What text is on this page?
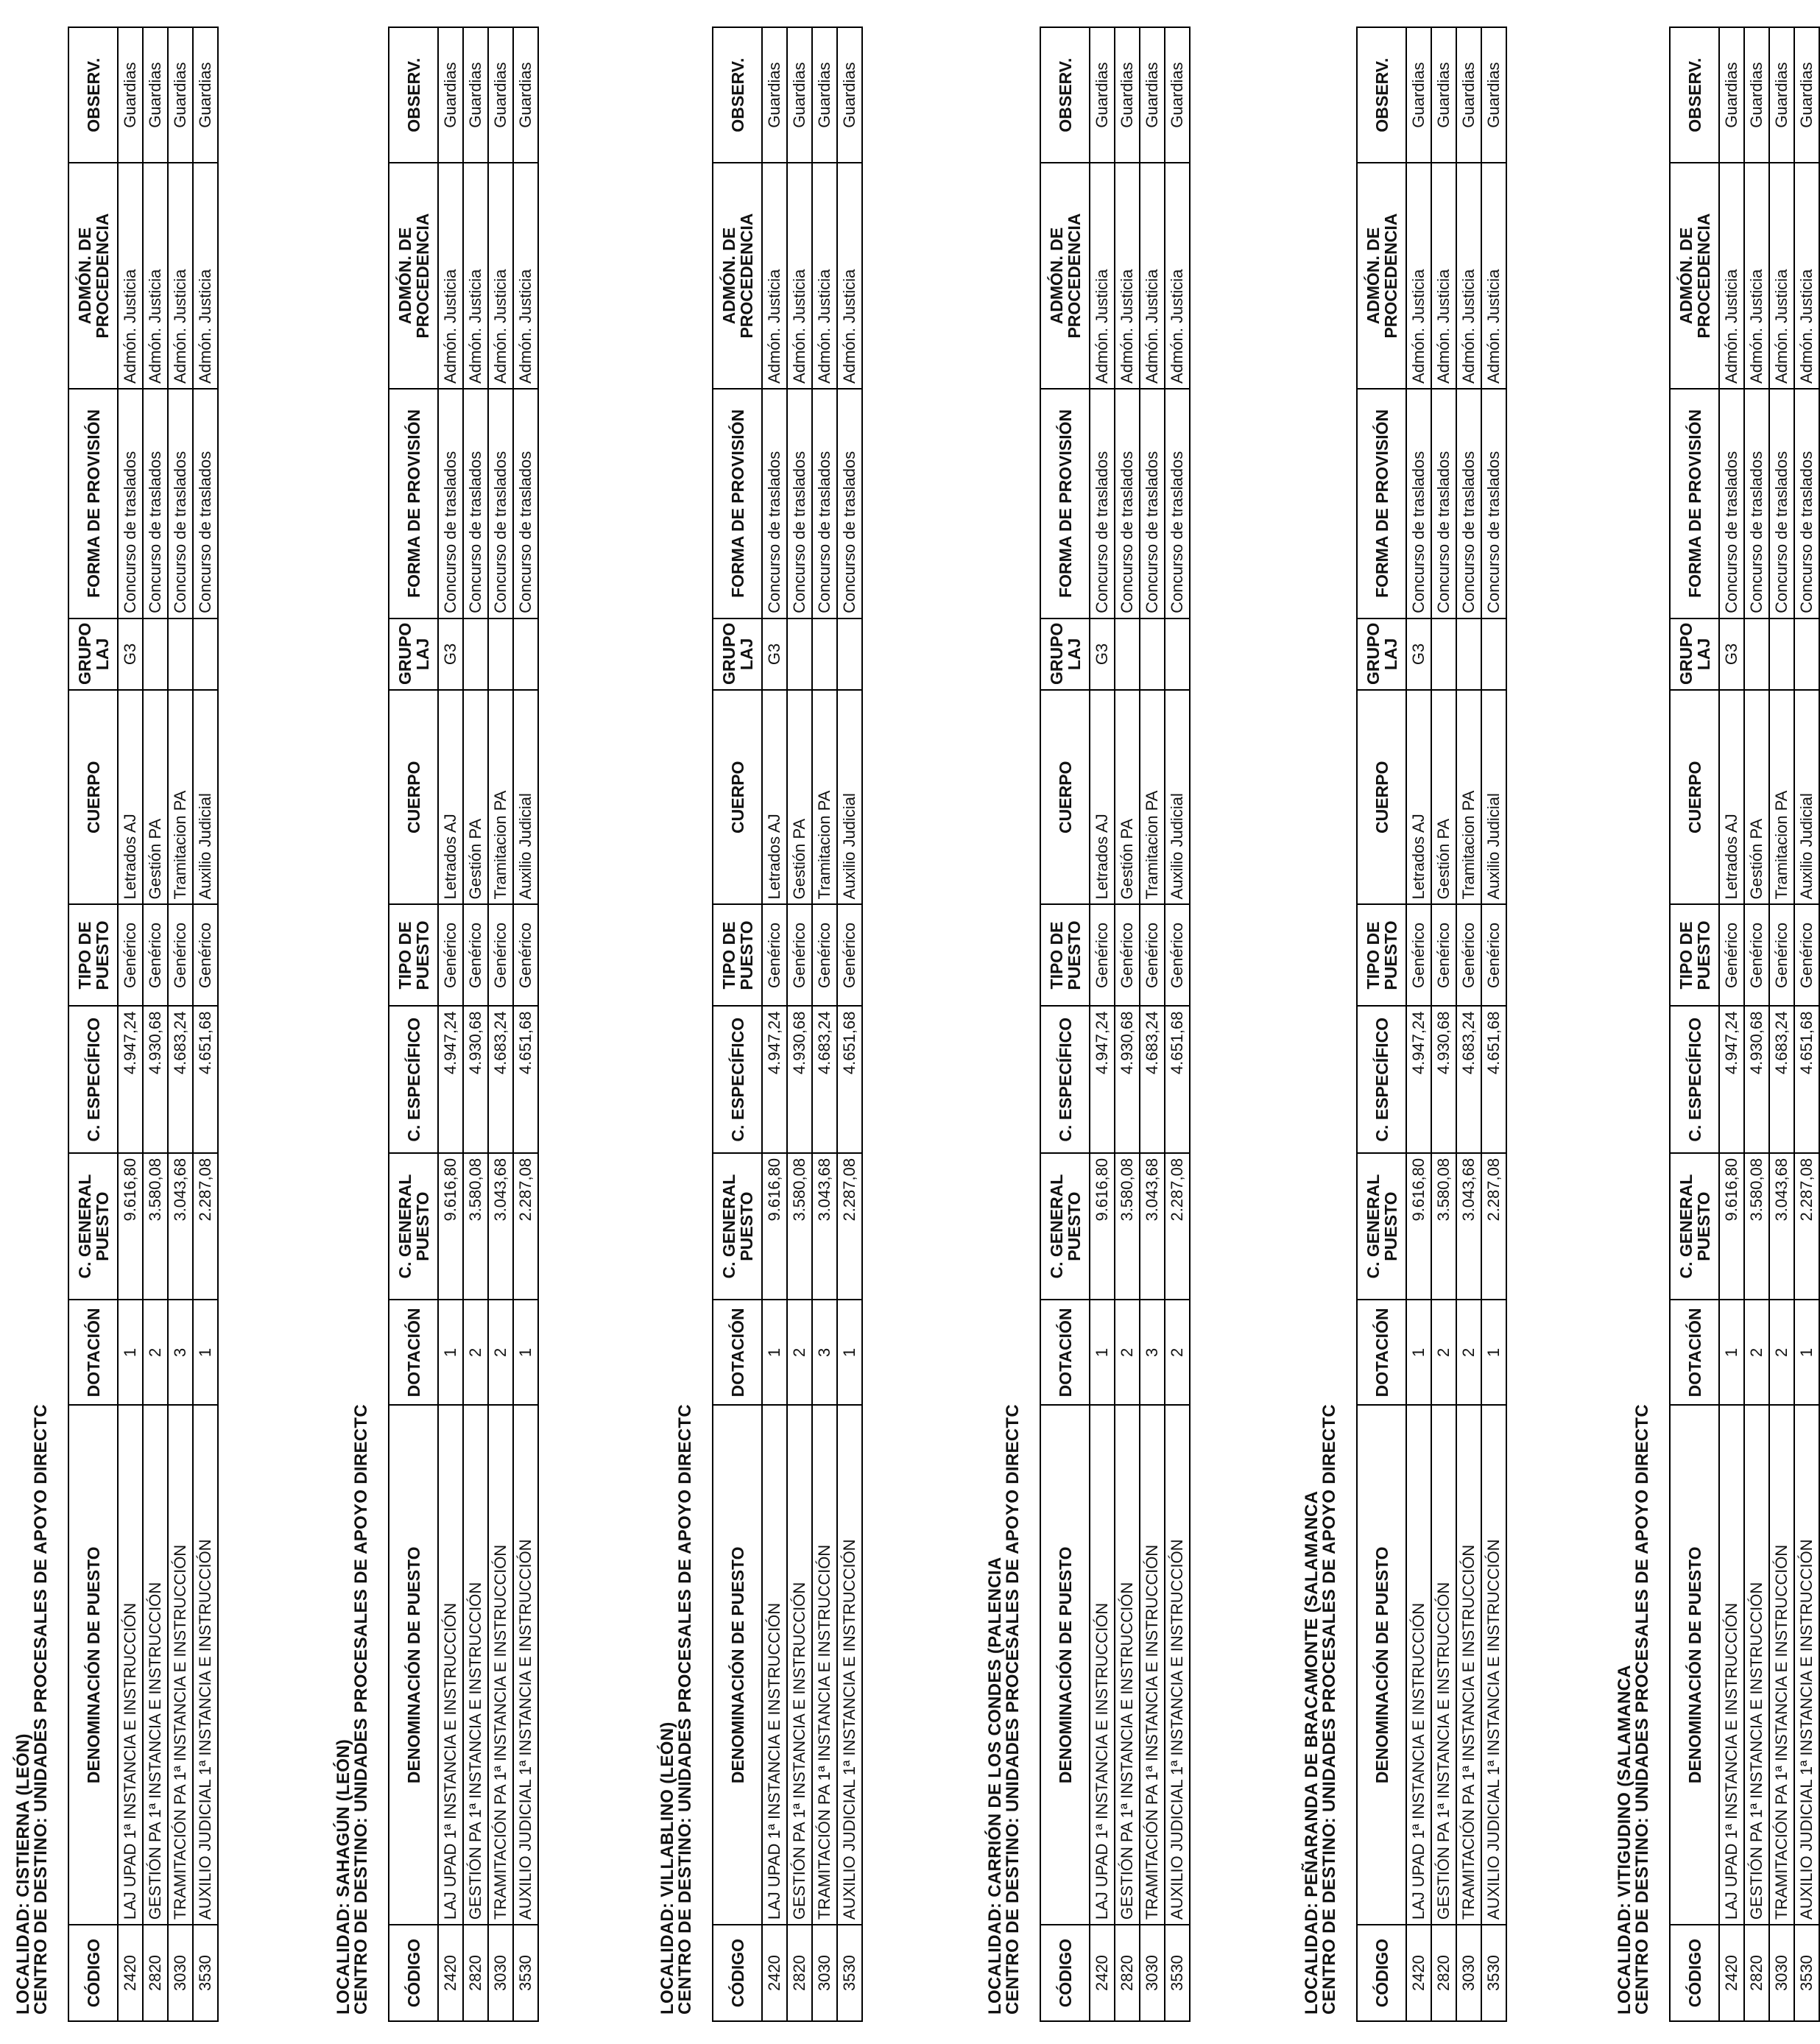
LOCALIDAD: CISTIERNA (LEÓN)
CENTRO DE DESTINO: UNIDADES PROCESALES DE APOYO DIRECTC CÓDIGO	DENOMINACIÓN DE PUESTO	DOTACIÓN	C. GENERAL PUESTO	C. ESPECÍFICO	TIPO DE PUESTO	CUERPO	GRUPO LAJ	FORMA DE PROVISIÓN	ADMÓN. DE PROCEDENCIA	OBSERV.
2420	LAJ UPAD 1ª INSTANCIA E INSTRUCCIÓN	1	9.616,80	4.947,24	Genérico	Letrados AJ	G3	Concurso de traslados	Admón. Justicia	Guardias
2820	GESTIÓN PA 1ª INSTANCIA E INSTRUCCIÓN	2	3.580,08	4.930,68	Genérico	Gestión PA		Concurso de traslados	Admón. Justicia	Guardias
3030	TRAMITACIÓN PA 1ª INSTANCIA E INSTRUCCIÓN	3	3.043,68	4.683,24	Genérico	Tramitacion PA		Concurso de traslados	Admón. Justicia	Guardias
3530	AUXILIO JUDICIAL 1ª INSTANCIA E INSTRUCCIÓN	1	2.287,08	4.651,68	Genérico	Auxilio Judicial		Concurso de traslados	Admón. Justicia	Guardias
LOCALIDAD: SAHAGÚN (LEÓN)
CENTRO DE DESTINO: UNIDADES PROCESALES DE APOYO DIRECTC CÓDIGO	DENOMINACIÓN DE PUESTO	DOTACIÓN	C. GENERAL PUESTO	C. ESPECÍFICO	TIPO DE PUESTO	CUERPO	GRUPO LAJ	FORMA DE PROVISIÓN	ADMÓN. DE PROCEDENCIA	OBSERV.
2420	LAJ UPAD 1ª INSTANCIA E INSTRUCCIÓN	1	9.616,80	4.947,24	Genérico	Letrados AJ	G3	Concurso de traslados	Admón. Justicia	Guardias
2820	GESTIÓN PA 1ª INSTANCIA E INSTRUCCIÓN	2	3.580,08	4.930,68	Genérico	Gestión PA		Concurso de traslados	Admón. Justicia	Guardias
3030	TRAMITACIÓN PA 1ª INSTANCIA E INSTRUCCIÓN	2	3.043,68	4.683,24	Genérico	Tramitacion PA		Concurso de traslados	Admón. Justicia	Guardias
3530	AUXILIO JUDICIAL 1ª INSTANCIA E INSTRUCCIÓN	1	2.287,08	4.651,68	Genérico	Auxilio Judicial		Concurso de traslados	Admón. Justicia	Guardias
LOCALIDAD: VILLABLINO (LEÓN)
CENTRO DE DESTINO: UNIDADES PROCESALES DE APOYO DIRECTC CÓDIGO	DENOMINACIÓN DE PUESTO	DOTACIÓN	C. GENERAL PUESTO	C. ESPECÍFICO	TIPO DE PUESTO	CUERPO	GRUPO LAJ	FORMA DE PROVISIÓN	ADMÓN. DE PROCEDENCIA	OBSERV.
2420	LAJ UPAD 1ª INSTANCIA E INSTRUCCIÓN	1	9.616,80	4.947,24	Genérico	Letrados AJ	G3	Concurso de traslados	Admón. Justicia	Guardias
2820	GESTIÓN PA 1ª INSTANCIA E INSTRUCCIÓN	2	3.580,08	4.930,68	Genérico	Gestión PA		Concurso de traslados	Admón. Justicia	Guardias
3030	TRAMITACIÓN PA 1ª INSTANCIA E INSTRUCCIÓN	3	3.043,68	4.683,24	Genérico	Tramitacion PA		Concurso de traslados	Admón. Justicia	Guardias
3530	AUXILIO JUDICIAL 1ª INSTANCIA E INSTRUCCIÓN	1	2.287,08	4.651,68	Genérico	Auxilio Judicial		Concurso de traslados	Admón. Justicia	Guardias
LOCALIDAD: CARRIÓN DE LOS CONDES (PALENCIA
CENTRO DE DESTINO: UNIDADES PROCESALES DE APOYO DIRECTC CÓDIGO	DENOMINACIÓN DE PUESTO	DOTACIÓN	C. GENERAL PUESTO	C. ESPECÍFICO	TIPO DE PUESTO	CUERPO	GRUPO LAJ	FORMA DE PROVISIÓN	ADMÓN. DE PROCEDENCIA	OBSERV.
2420	LAJ UPAD 1ª INSTANCIA E INSTRUCCIÓN	1	9.616,80	4.947,24	Genérico	Letrados AJ	G3	Concurso de traslados	Admón. Justicia	Guardias
2820	GESTIÓN PA 1ª INSTANCIA E INSTRUCCIÓN	2	3.580,08	4.930,68	Genérico	Gestión PA		Concurso de traslados	Admón. Justicia	Guardias
3030	TRAMITACIÓN PA 1ª INSTANCIA E INSTRUCCIÓN	3	3.043,68	4.683,24	Genérico	Tramitacion PA		Concurso de traslados	Admón. Justicia	Guardias
3530	AUXILIO JUDICIAL 1ª INSTANCIA E INSTRUCCIÓN	2	2.287,08	4.651,68	Genérico	Auxilio Judicial		Concurso de traslados	Admón. Justicia	Guardias
LOCALIDAD: PEÑARANDA DE BRACAMONTE (SALAMANCA
CENTRO DE DESTINO: UNIDADES PROCESALES DE APOYO DIRECTC CÓDIGO	DENOMINACIÓN DE PUESTO	DOTACIÓN	C. GENERAL PUESTO	C. ESPECÍFICO	TIPO DE PUESTO	CUERPO	GRUPO LAJ	FORMA DE PROVISIÓN	ADMÓN. DE PROCEDENCIA	OBSERV.
2420	LAJ UPAD 1ª INSTANCIA E INSTRUCCIÓN	1	9.616,80	4.947,24	Genérico	Letrados AJ	G3	Concurso de traslados	Admón. Justicia	Guardias
2820	GESTIÓN PA 1ª INSTANCIA E INSTRUCCIÓN	2	3.580,08	4.930,68	Genérico	Gestión PA		Concurso de traslados	Admón. Justicia	Guardias
3030	TRAMITACIÓN PA 1ª INSTANCIA E INSTRUCCIÓN	2	3.043,68	4.683,24	Genérico	Tramitacion PA		Concurso de traslados	Admón. Justicia	Guardias
3530	AUXILIO JUDICIAL 1ª INSTANCIA E INSTRUCCIÓN	1	2.287,08	4.651,68	Genérico	Auxilio Judicial		Concurso de traslados	Admón. Justicia	Guardias
LOCALIDAD: VITIGUDINO (SALAMANCA
CENTRO DE DESTINO: UNIDADES PROCESALES DE APOYO DIRECTC CÓDIGO	DENOMINACIÓN DE PUESTO	DOTACIÓN	C. GENERAL PUESTO	C. ESPECÍFICO	TIPO DE PUESTO	CUERPO	GRUPO LAJ	FORMA DE PROVISIÓN	ADMÓN. DE PROCEDENCIA	OBSERV.
2420	LAJ UPAD 1ª INSTANCIA E INSTRUCCIÓN	1	9.616,80	4.947,24	Genérico	Letrados AJ	G3	Concurso de traslados	Admón. Justicia	Guardias
2820	GESTIÓN PA 1ª INSTANCIA E INSTRUCCIÓN	2	3.580,08	4.930,68	Genérico	Gestión PA		Concurso de traslados	Admón. Justicia	Guardias
3030	TRAMITACIÓN PA 1ª INSTANCIA E INSTRUCCIÓN	2	3.043,68	4.683,24	Genérico	Tramitacion PA		Concurso de traslados	Admón. Justicia	Guardias
3530	AUXILIO JUDICIAL 1ª INSTANCIA E INSTRUCCIÓN	1	2.287,08	4.651,68	Genérico	Auxilio Judicial		Concurso de traslados	Admón. Justicia	Guardias
